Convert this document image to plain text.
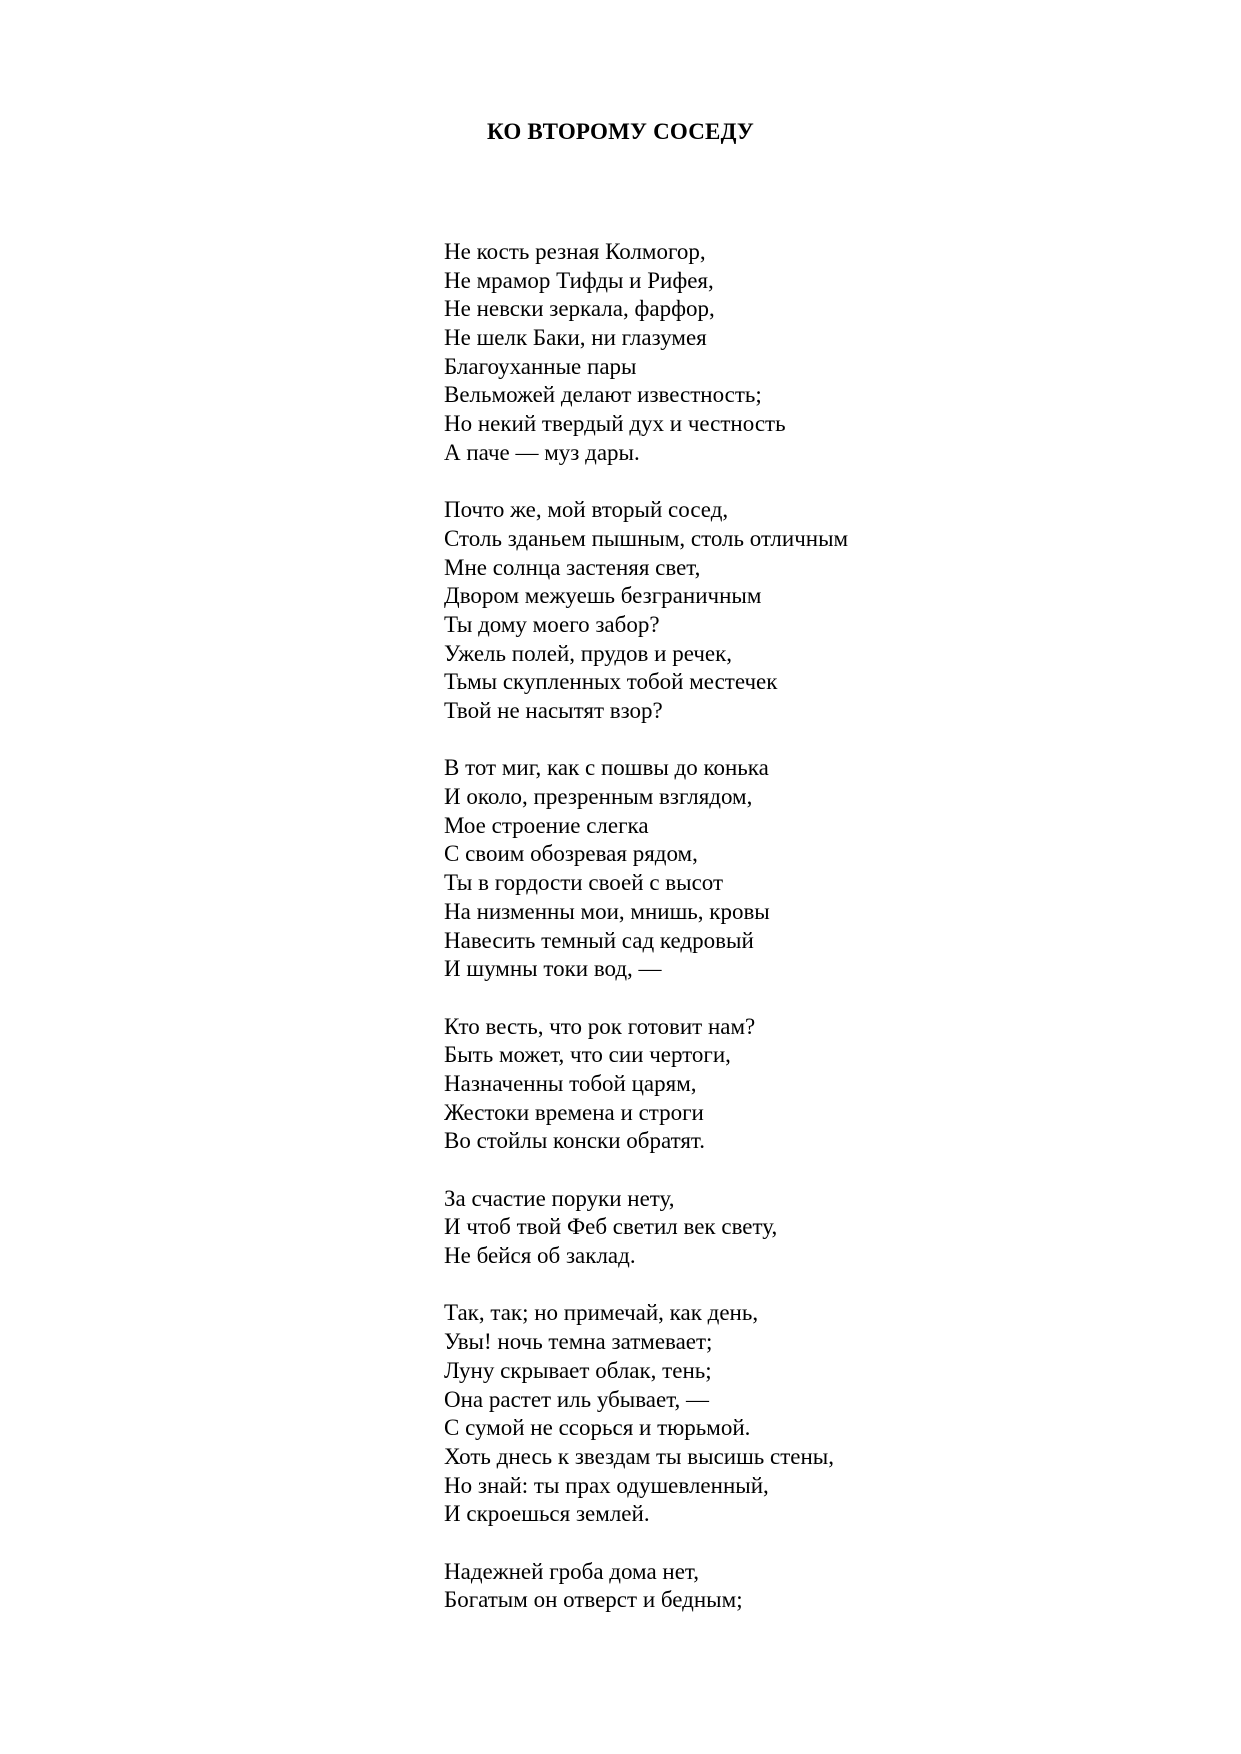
КО ВТОРОМУ СОСЕДУ
Не кость резная Колмогор,
Не мрамор Тифды и Рифея,
Не невски зеркала, фарфор,
Не шелк Баки, ни глазумея
Благоуханные пары
Вельможей делают известность;
Но некий твердый дух и честность
А паче — муз дары.
Почто же, мой вторый сосед,
Столь зданьем пышным, столь отличным
Мне солнца застеняя свет,
Двором межуешь безграничным
Ты дому моего забор?
Ужель полей, прудов и речек,
Тьмы скупленных тобой местечек
Твой не насытят взор?
В тот миг, как с пошвы до конька
И около, презренным взглядом,
Мое строение слегка
С своим обозревая рядом,
Ты в гордости своей с высот
На низменны мои, мнишь, кровы
Навесить темный сад кедровый
И шумны токи вод, —
Кто весть, что рок готовит нам?
Быть может, что сии чертоги,
Назначенны тобой царям,
Жестоки времена и строги
Во стойлы конски обратят.
За счастие поруки нету,
И чтоб твой Феб светил век свету,
Не бейся об заклад.
Так, так; но примечай, как день,
Увы! ночь темна затмевает;
Луну скрывает облак, тень;
Она растет иль убывает, —
С сумой не ссорься и тюрьмой.
Хоть днесь к звездам ты высишь стены,
Но знай: ты прах одушевленный,
И скроешься землей.
Надежней гроба дома нет,
Богатым он отверст и бедным;
